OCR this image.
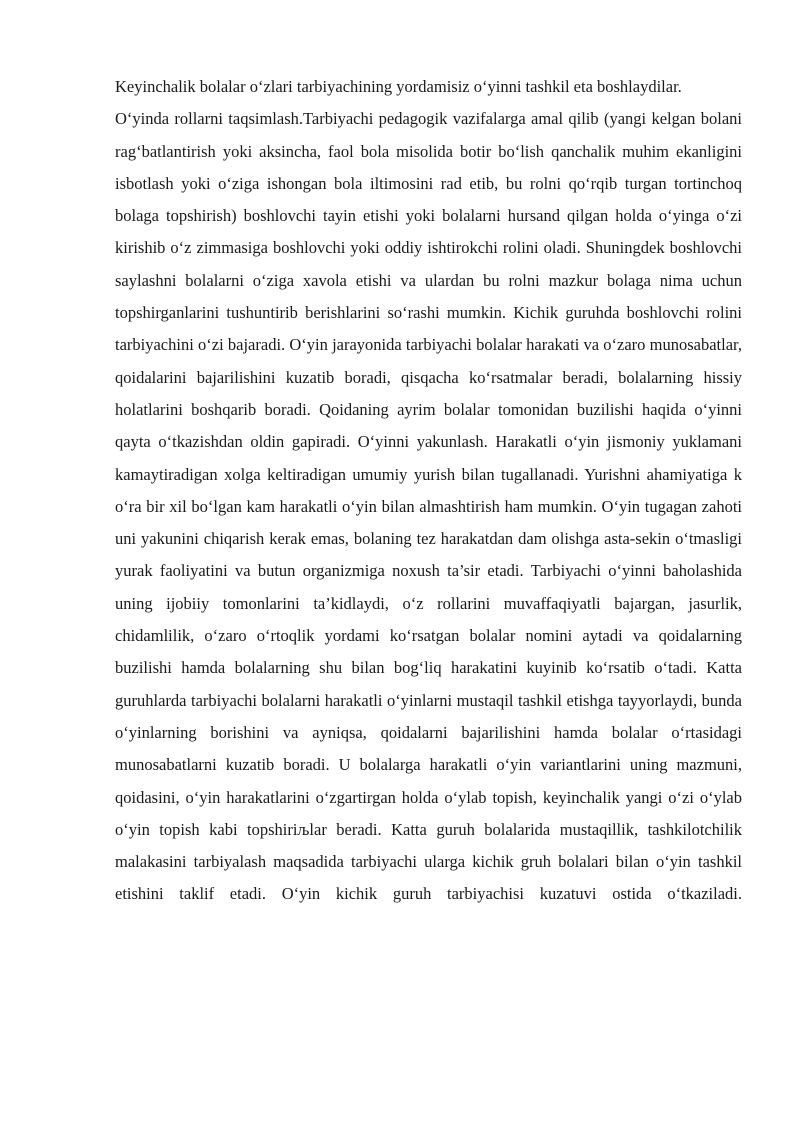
Keyinchalik bolalar o‘zlari tarbiyachining yordamisiz o‘yinni tashkil eta boshlaydilar.

O‘yinda rollarni taqsimlash.Tarbiyachi pedagogik vazifalarga amal qilib (yangi kelgan bolani rag‘batlantirish yoki aksincha, faol bola misolida botir bo‘lish qanchalik muhim ekanligini isbotlash yoki o‘ziga ishongan bola iltimosini rad etib, bu rolni qo‘rqib turgan tortinchoq bolaga topshirish) boshlovchi tayin etishi yoki bolalarni hursand qilgan holda o‘yinga o‘zi kirishib o‘z zimmasiga boshlovchi yoki oddiy ishtirokchi rolini oladi. Shuningdek boshlovchi saylashni bolalarni o‘ziga xavola etishi va ulardan bu rolni mazkur bolaga nima uchun topshirganlarini tushuntirib berishlarini so‘rashi mumkin. Kichik guruhda boshlovchi rolini tarbiyachini o‘zi bajaradi. O‘yin jarayonida tarbiyachi bolalar harakati va o‘zaro munosabatlar, qoidalarini bajarilishini kuzatib boradi, qisqacha ko‘rsatmalar beradi, bolalarning hissiy holatlarini boshqarib boradi. Qoidaning ayrim bolalar tomonidan buzilishi haqida o‘yinni qayta o‘tkazishdan oldin gapiradi. O‘yinni yakunlash. Harakatli o‘yin jismoniy yuklamani kamaytiradigan xolga keltiradigan umumiy yurish bilan tugallanadi. Yurishni ahamiyatiga k o‘ra bir xil bo‘lgan kam harakatli o‘yin bilan almashtirish ham mumkin. O‘yin tugagan zahoti uni yakunini chiqarish kerak emas, bolaning tez harakatdan dam olishga asta-sekin o‘tmasligi yurak faoliyatini va butun organizmiga noxush ta’sir etadi. Tarbiyachi o‘yinni baholashida uning ijobiiy tomonlarini ta’kidlaydi, o‘z rollarini muvaffaqiyatli bajargan, jasurlik, chidamlilik, o‘zaro o‘rtoqlik yordami ko‘rsatgan bolalar nomini aytadi va qoidalarning buzilishi hamda bolalarning shu bilan bog‘liq harakatini kuyinib ko‘rsatib o‘tadi. Katta guruhlarda tarbiyachi bolalarni harakatli o‘yinlarni mustaqil tashkil etishga tayyorlaydi, bunda o‘yinlarning borishini va ayniqsa, qoidalarni bajarilishini hamda bolalar o‘rtasidagi munosabatlarni kuzatib boradi. U bolalarga harakatli o‘yin variantlarini uning mazmuni, qoidasini, o‘yin harakatlarini o‘zgartirgan holda o‘ylab topish, keyinchalik yangi o‘zi o‘ylab o‘yin topish kabi topshiriљlar beradi. Katta guruh bolalarida mustaqillik, tashkilotchilik malakasini tarbiyalash maqsadida tarbiyachi ularga kichik gruh bolalari bilan o‘yin tashkil etishini taklif etadi. O‘yin kichik guruh tarbiyachisi kuzatuvi ostida o‘tkaziladi.
